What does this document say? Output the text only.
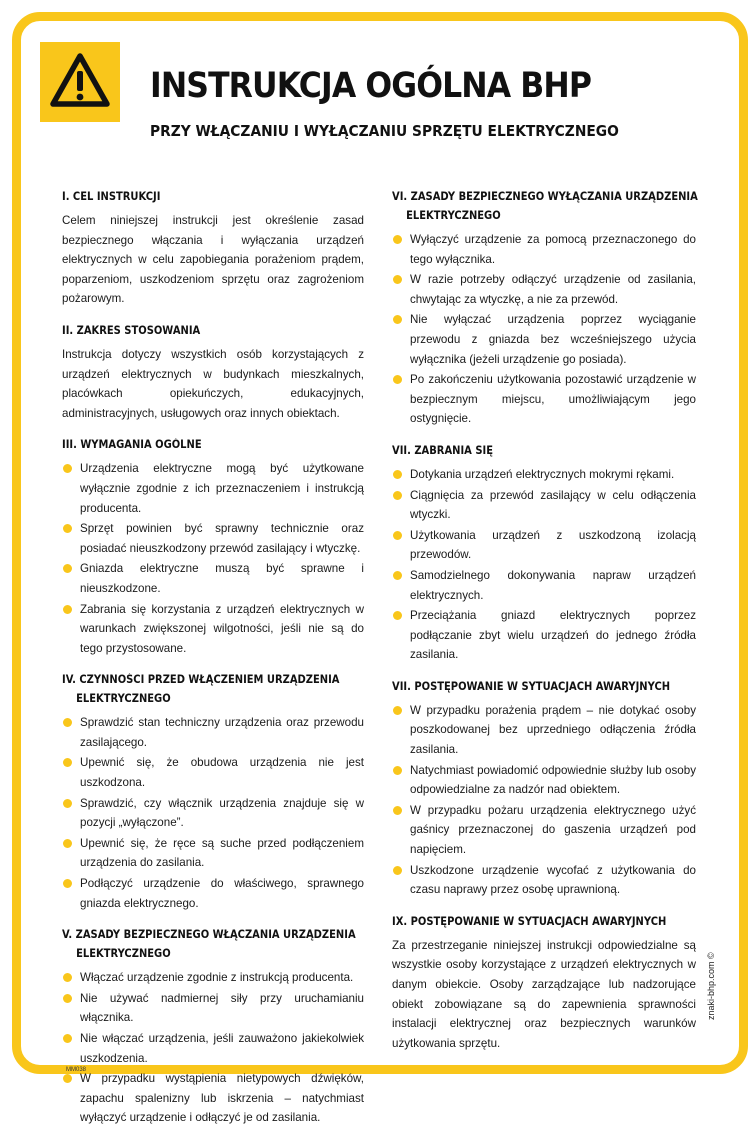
INSTRUKCJA OGÓLNA BHP
PRZY WŁĄCZANIU I WYŁĄCZANIU SPRZĘTU ELEKTRYCZNEGO
I. CEL INSTRUKCJI

Celem niniejszej instrukcji jest określenie zasad bezpiecznego włączania i wyłączania urządzeń elektrycznych w celu zapobiegania porażeniom prądem, poparzeniom, uszkodzeniom sprzętu oraz zagrożeniom pożarowym.

II. ZAKRES STOSOWANIA

Instrukcja dotyczy wszystkich osób korzystających z urządzeń elektrycznych w budynkach mieszkalnych, placówkach opiekuńczych, edukacyjnych, administracyjnych, usługowych oraz innych obiektach.

III. WYMAGANIA OGÓLNE
Urządzenia elektryczne mogą być użytkowane wyłącznie zgodnie z ich przeznaczeniem i instrukcją producenta.
Sprzęt powinien być sprawny technicznie oraz posiadać nieuszkodzony przewód zasilający i wtyczkę.
Gniazda elektryczne muszą być sprawne i nieuszkodzone.
Zabrania się korzystania z urządzeń elektrycznych w warunkach zwiększonej wilgotności, jeśli nie są do tego przystosowane.
IV. CZYNNOŚCI PRZED WŁĄCZENIEM URZĄDZENIA ELEKTRYCZNEGO
Sprawdzić stan techniczny urządzenia oraz przewodu zasilającego.
Upewnić się, że obudowa urządzenia nie jest uszkodzona.
Sprawdzić, czy włącznik urządzenia znajduje się w pozycji „wyłączone”.
Upewnić się, że ręce są suche przed podłączeniem urządzenia do zasilania.
Podłączyć urządzenie do właściwego, sprawnego gniazda elektrycznego.
V. ZASADY BEZPIECZNEGO WŁĄCZANIA URZĄDZENIA ELEKTRYCZNEGO
Włączać urządzenie zgodnie z instrukcją producenta.
Nie używać nadmiernej siły przy uruchamianiu włącznika.
Nie włączać urządzenia, jeśli zauważono jakiekolwiek uszkodzenia.
W przypadku wystąpienia nietypowych dźwięków, zapachu spalenizny lub iskrzenia – natychmiast wyłączyć urządzenie i odłączyć je od zasilania.
VI. ZASADY BEZPIECZNEGO WYŁĄCZANIA URZĄDZENIA ELEKTRYCZNEGO
Wyłączyć urządzenie za pomocą przeznaczonego do tego wyłącznika.
W razie potrzeby odłączyć urządzenie od zasilania, chwytając za wtyczkę, a nie za przewód.
Nie wyłączać urządzenia poprzez wyciąganie przewodu z gniazda bez wcześniejszego użycia wyłącznika (jeżeli urządzenie go posiada).
Po zakończeniu użytkowania pozostawić urządzenie w bezpiecznym miejscu, umożliwiającym jego ostygnięcie.
VII. ZABRANIA SIĘ
Dotykania urządzeń elektrycznych mokrymi rękami.
Ciągnięcia za przewód zasilający w celu odłączenia wtyczki.
Użytkowania urządzeń z uszkodzoną izolacją przewodów.
Samodzielnego dokonywania napraw urządzeń elektrycznych.
Przeciążania gniazd elektrycznych poprzez podłączanie zbyt wielu urządzeń do jednego źródła zasilania.
VII. POSTĘPOWANIE W SYTUACJACH AWARYJNYCH
W przypadku porażenia prądem – nie dotykać osoby poszkodowanej bez uprzedniego odłączenia źródła zasilania.
Natychmiast powiadomić odpowiednie służby lub osoby odpowiedzialne za nadzór nad obiektem.
W przypadku pożaru urządzenia elektrycznego użyć gaśnicy przeznaczonej do gaszenia urządzeń pod napięciem.
Uszkodzone urządzenie wycofać z użytkowania do czasu naprawy przez osobę uprawnioną.
IX. POSTĘPOWANIE W SYTUACJACH AWARYJNYCH

Za przestrzeganie niniejszej instrukcji odpowiedzialne są wszystkie osoby korzystające z urządzeń elektrycznych w danym obiekcie. Osoby zarządzające lub nadzorujące obiekt zobowiązane są do zapewnienia sprawności instalacji elektrycznej oraz bezpiecznych warunków użytkowania sprzętu.

znaki-bhp.com ©
MM038
